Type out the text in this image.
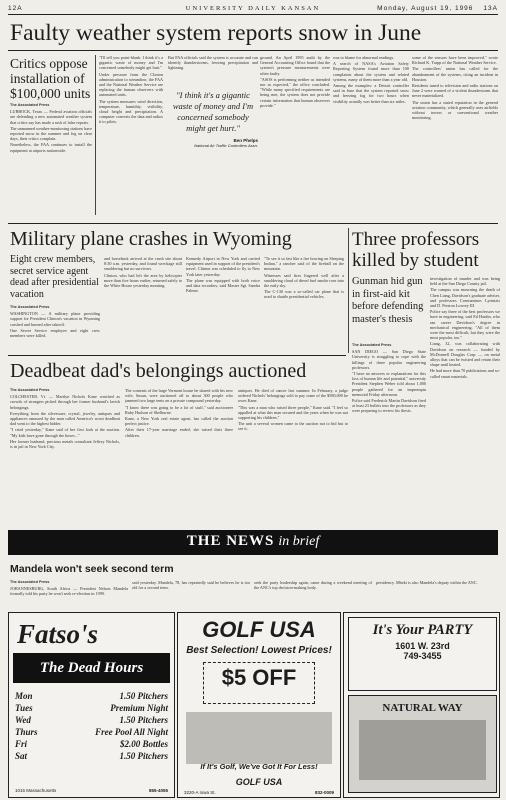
12A	UNIVERSITY DAILY KANSAN	Monday, August 19, 1996 13A
Faulty weather system reports snow in June
Critics oppose installation of $100,000 units

The Associated Press

LUBBOCK, Texas — Federal aviation officials are defending a new automated weather system that critics say has made a rash of false reports.

The unmanned weather-monitoring stations have reported snow in the summer and fog on clear days, their critics complain.

Nonetheless, the FAA continues to install the equipment at airports nationwide.

"I'll tell you point-blank: I think it's a gigantic waste of money and I'm concerned somebody might get hurt."

Under pressure from the Clinton administration to streamline, the FAA and the National Weather Service are replacing the human observers with automated units.

The system measures wind direction, temperature, humidity, visibility, cloud height and precipitation. A computer converts the data and radios it to pilots.

But FAA officials said the system is accurate and can identify thunderstorms, freezing precipitation and lightning.

"I think it's a gigantic waste of money and I'm concerned somebody might get hurt."
Ben Phelps
National Air Traffic Controllers Assn.

ground. An April 1995 audit by the General Accounting Office found that the system's pressure measurements were often faulty.

"ASOS is performing neither as intended nor as expected," the office concluded. "While many specified requirements are being met, the system does not provide certain information that human observers provide."

was to blame for abnormal readings.

A search of NASA's Aviation Safety Reporting System found more than 100 complaints about the system and related systems, many of them more than a year old.

Among the examples: a Detroit controller said in June that the system reported snow and freezing fog for two hours when visibility actually was better than six miles.

some of the sensors have been improved," wrote Richard K. Trapp of the National Weather Service.

The controllers' union has called for the abandonment of the systems, citing an incident in Houston.

Residents tuned to television and radio stations on June 2 were warned of a violent thunderstorm that never materialized.

The union has a stated reputation in the general aviation community, which generally uses airfields without towers or conventional weather monitoring.

Military plane crashes in Wyoming
Eight crew members, secret service agent dead after presidential vacation

The Associated Press

WASHINGTON — A military plane providing support for President Clinton's vacation in Wyoming crashed and burned after takeoff.

One Secret Service employee and eight crew members were killed.

and horseback arrived at the crash site about 8:30 a.m. yesterday, and found wreckage still smoldering but no survivors.

Clinton, who had left the area by helicopter more than five hours earlier, returned safely to the White House yesterday morning.

Kennedy Airport in New York and carried equipment used in support of the president's travel. Clinton was scheduled to fly to New York later yesterday.

The plane was equipped with both voice and data recorders, said Master Sgt. Sandra Palmer.

"To see it so fast like a fire bowing on Sleeping Indian," a rancher said of the fireball on the mountain.

Witnesses said fires lingered well after a smoldering cloud of diesel fuel smoke rose into the early sky.

The C-130 was a so-called car plane that is used to shuttle presidential vehicles.

Three professors killed by student
Gunman hid gun in first-aid kit before defending master's thesis

The Associated Press

SAN DIEGO — San Diego State University is struggling to cope with the killings of three popular engineering professors.

"I have no answers or explanations for this loss of human life and potential," university President Stephen Weber told about 1,000 people gathered for an impromptu memorial Friday afternoon.

Police said Frederick Martin Davidson fired at least 23 bullets into the professors as they were preparing to review his thesis.

investigation of murder and was being held at the San Diego County jail.

The campus was mourning the death of Chen Liang, Davidson's graduate adviser, and professors Constantinos Lyrintzis and D. Preston Lowrey III.

Police say three of the best professors we have in engineering, said Ed Hardin, who ran career Davidson's degree in mechanical engineering. "All of them were the most difficult, but they were the most popular, too."

Liang, 32, was collaborating with Davidson on research — funded by McDonnell Douglas Corp. — on metal alloys that can be twisted and retain their shape until heated.

He had more than 70 publications and so-called smart materials.

Deadbeat dad's belongings auctioned

The Associated Press

COLCHESTER, Vt. — Marilyn Nichols Kane watched as crowds of strangers picked through her former husband's lavish belongings.

Everything from the silverware, crystal, jewelry, antiques and appliances amassed by the man called America's worst deadbeat dad went to the highest bidder.

"I cried yesterday," Kane said of her first look at the auction. "My kids have gone through the boxes..."

Her former husband, precious metals consultant Jeffrey Nichols, is in jail in New York City.

The contents of the large Vermont house he shared with his new wife, Susan, were auctioned off to about 300 people who jammed two large tents on a private compound yesterday.

"I know there was going to be a lot of stuff," said auctioneer Ruby Hudson of Shelburne.

Kane, a New York real estate agent, has called the auction perfect justice.

After their 17-year marriage ended, she raised their three children.

antiques. He died of cancer last summer. In February, a judge ordered Nichols' belongings sold to pay some of the $580,000 he owes Kane.

"This was a man who raised three people," Kane said. "I feel so appalled at what this man secured and the years when he was not supporting his children."

The unit a several women came to the auction not to bid but to see it.

THE NEWS in brief
Mandela won't seek second term

The Associated Press

JOHANNESBURG, South Africa — President Nelson Mandela formally told his party he won't seek re-election in 1999.

said yesterday. Mandela, 78, has repeatedly said he believes he is too old for a second term.

seek the party leadership again, came during a weekend meeting of the ANC's top decision-making body.

presidency. Mbeki is also Mandela's deputy within the ANC.

Fatso's
The Dead Hours
Mon	1.50 Pitchers
Tues	Premium Night
Wed	1.50 Pitchers
Thurs	Free Pool All Night
Fri	$2.00 Bottles
Sat	1.50 Pitchers
1016 Massachusetts	865-4055
GOLF USA
Best Selection! Lowest Prices!
$5 OFF
If It's Golf, We've Got It For Less!
GOLF USA
3220-A Iowa St.	832-0009
It's Your PARTY
1601 W. 23rd
749-3455
NATURAL WAY
